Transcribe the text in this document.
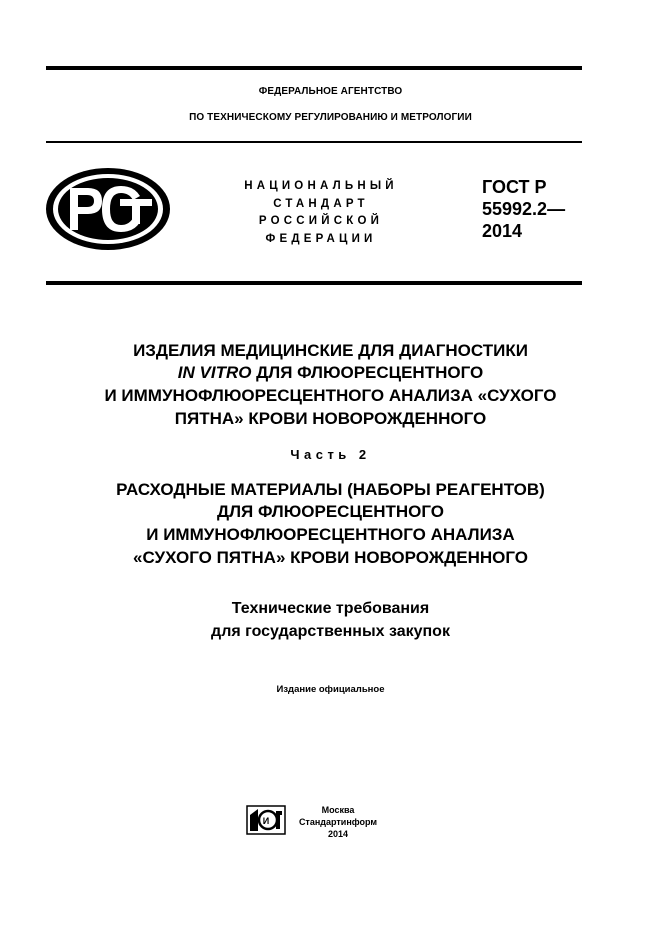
ФЕДЕРАЛЬНОЕ АГЕНТСТВО
ПО ТЕХНИЧЕСКОМУ РЕГУЛИРОВАНИЮ И МЕТРОЛОГИИ
НАЦИОНАЛЬНЫЙ
СТАНДАРТ
РОССИЙСКОЙ
ФЕДЕРАЦИИ
ГОСТ Р
55992.2—
2014
ИЗДЕЛИЯ МЕДИЦИНСКИЕ ДЛЯ ДИАГНОСТИКИ
IN VITRO ДЛЯ ФЛЮОРЕСЦЕНТНОГО
И ИММУНОФЛЮОРЕСЦЕНТНОГО АНАЛИЗА «СУХОГО
ПЯТНА» КРОВИ НОВОРОЖДЕННОГО
Часть 2
РАСХОДНЫЕ МАТЕРИАЛЫ (НАБОРЫ РЕАГЕНТОВ)
ДЛЯ ФЛЮОРЕСЦЕНТНОГО
И ИММУНОФЛЮОРЕСЦЕНТНОГО АНАЛИЗА
«СУХОГО ПЯТНА» КРОВИ НОВОРОЖДЕННОГО
Технические требования
для государственных закупок
Издание официальное
И
Москва
Стандартинформ
2014
